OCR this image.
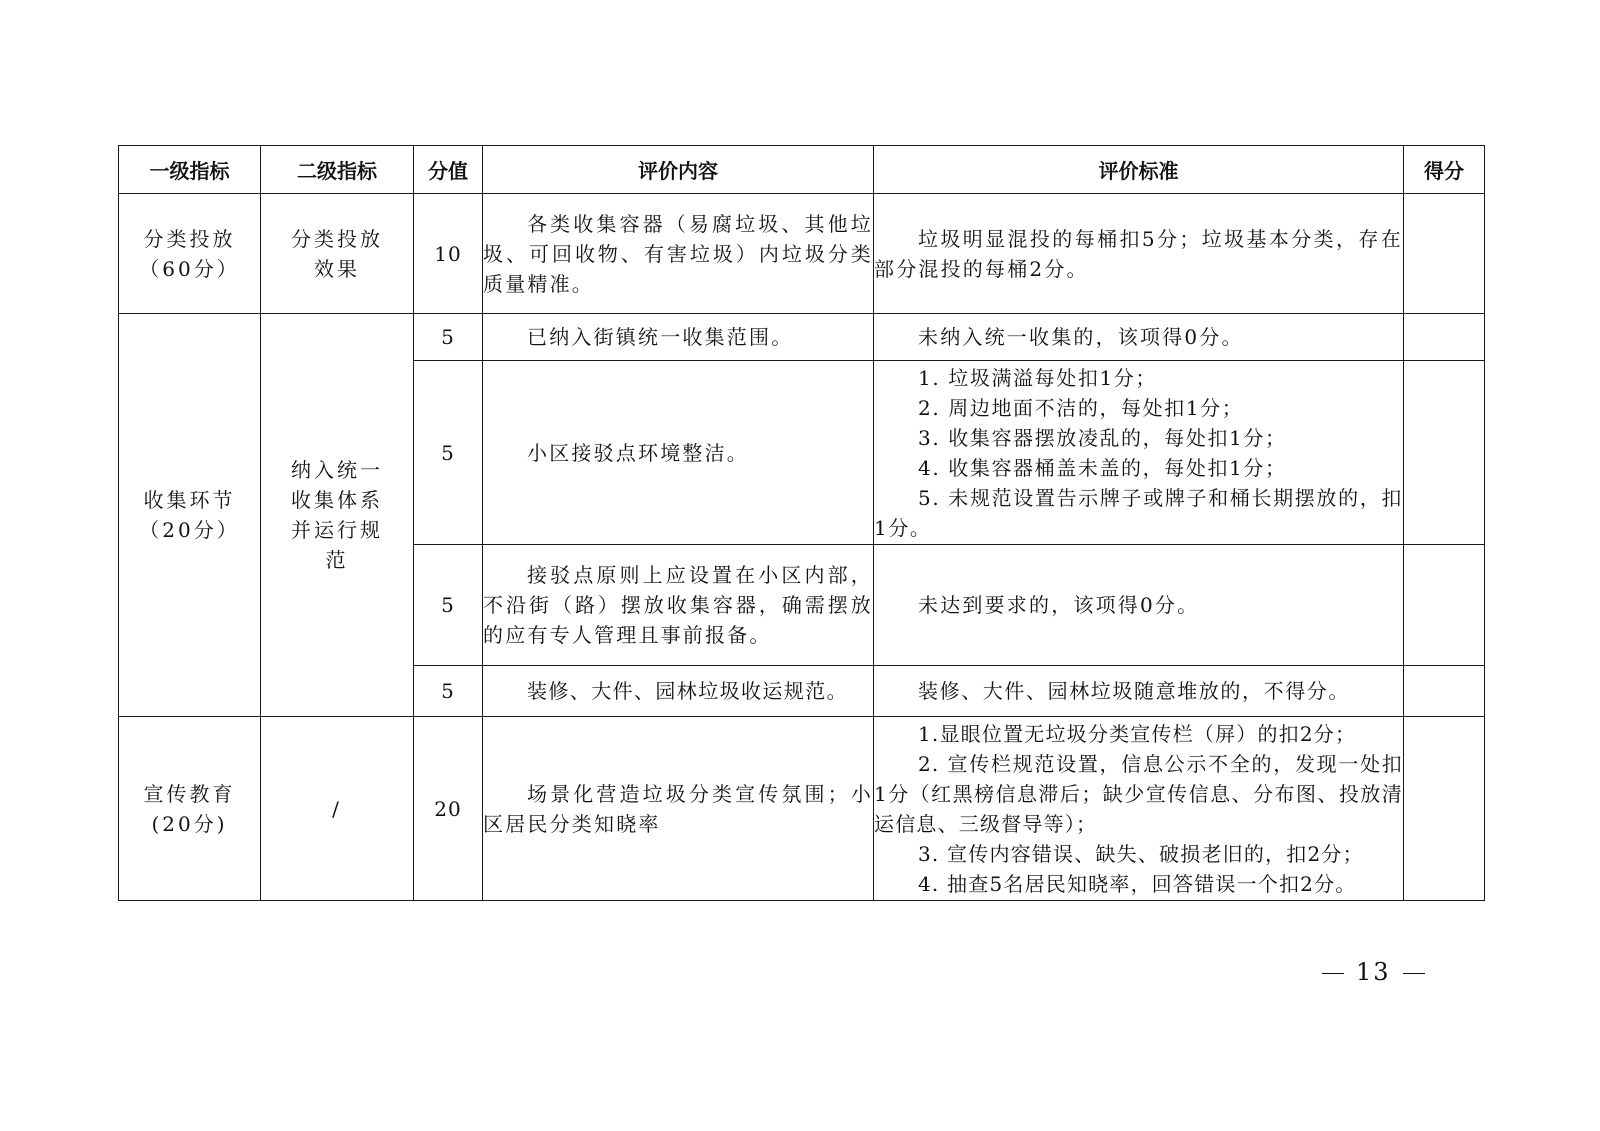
一级指标	二级指标	分值	评价内容	评价标准	得分
分类投放（60分）	分类投放效果	10	各类收集容器（易腐垃圾、其他垃圾、可回收物、有害垃圾）内垃圾分类质量精准。	垃圾明显混投的每桶扣5分；垃圾基本分类，存在部分混投的每桶2分。	

收集环节（20分）	纳入统一收集体系并运行规范	5	已纳入街镇统一收集范围。	未纳入统一收集的，该项得0分。	

		5	小区接驳点环境整洁。	1. 垃圾满溢每处扣1分；
2. 周边地面不洁的，每处扣1分；
3. 收集容器摆放凌乱的，每处扣1分；
4. 收集容器桶盖未盖的，每处扣1分；
5. 未规范设置告示牌子或牌子和桶长期摆放的，扣1分。	

		5	接驳点原则上应设置在小区内部，不沿街（路）摆放收集容器，确需摆放的应有专人管理且事前报备。	未达到要求的，该项得0分。	

		5	装修、大件、园林垃圾收运规范。	装修、大件、园林垃圾随意堆放的，不得分。	

宣传教育(20分)	/	20	场景化营造垃圾分类宣传氛围；小区居民分类知晓率	1.显眼位置无垃圾分类宣传栏（屏）的扣2分；
2. 宣传栏规范设置，信息公示不全的，发现一处扣1分（红黑榜信息滞后；缺少宣传信息、分布图、投放清运信息、三级督导等）；
3. 宣传内容错误、缺失、破损老旧的，扣2分；
4. 抽查5名居民知晓率，回答错误一个扣2分。	

13
